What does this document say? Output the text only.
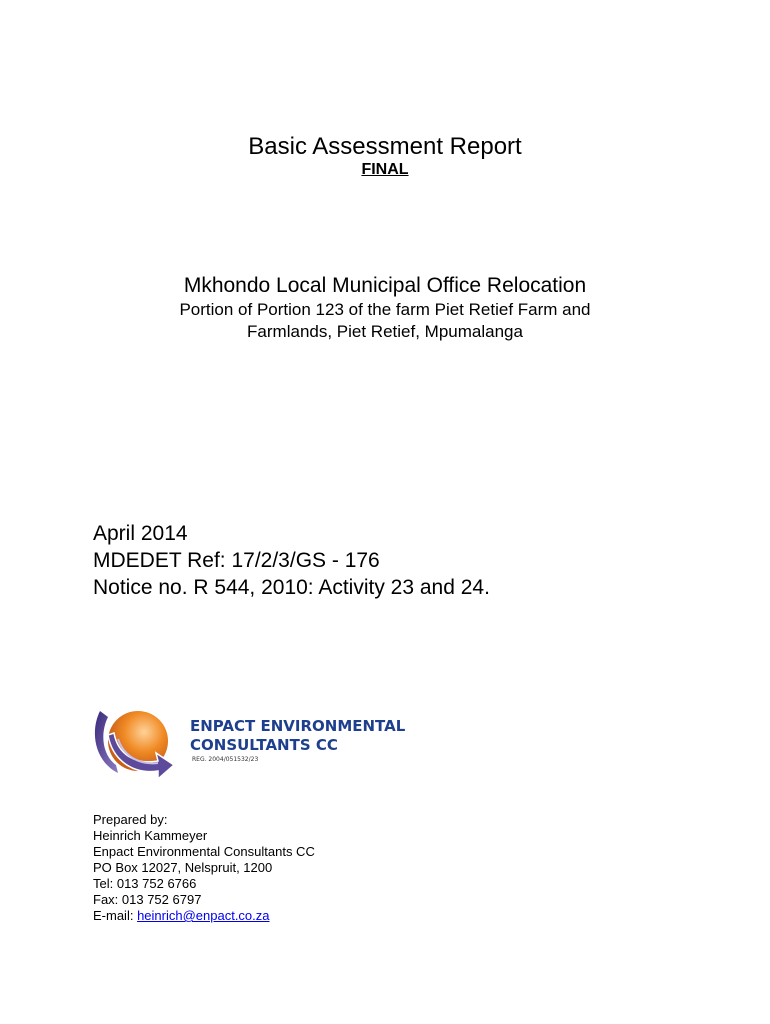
Basic Assessment Report
FINAL
Mkhondo Local Municipal Office Relocation
Portion of Portion 123 of the farm Piet Retief Farm and
Farmlands, Piet Retief, Mpumalanga
April 2014
MDEDET Ref: 17/2/3/GS - 176
Notice no. R 544, 2010: Activity 23 and 24.
ENPACT ENVIRONMENTAL
CONSULTANTS CC
REG. 2004/051532/23
Prepared by:
Heinrich Kammeyer
Enpact Environmental Consultants CC
PO Box 12027, Nelspruit, 1200
Tel: 013 752 6766
Fax: 013 752 6797
E-mail: heinrich@enpact.co.za
